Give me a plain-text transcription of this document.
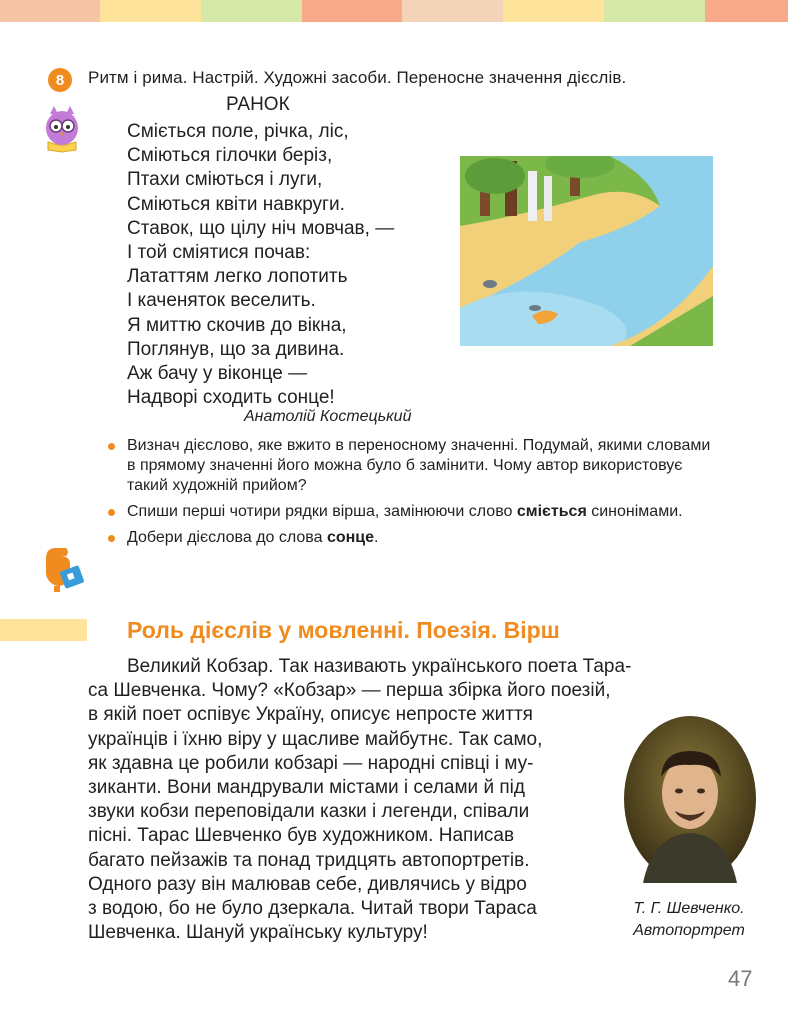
8	Ритм і рима. Настрій. Художні засоби. Переносне значення дієслів.
РАНОК
Сміється поле, річка, ліс,
Сміються гілочки беріз,
Птахи сміються і луги,
Сміються квіти навкруги.
Ставок, що цілу ніч мовчав, —
І той сміятися почав:
Лататтям легко лопотить
І каченяток веселить.
Я миттю скочив до вікна,
Поглянув, що за дивина.
Аж бачу у віконце —
Надворі сходить сонце!
Анатолій Костецький
Визнач дієслово, яке вжито в переносному значенні. Подумай, якими словами в прямому значенні його можна було б замінити. Чому автор використовує такий художній прийом?
Спиши перші чотири рядки вірша, замінюючи слово сміється синонімами.
Добери дієслова до слова сонце.
Роль дієслів у мовленні. Поезія. Вірш
Великий Кобзар. Так називають українського поета Тара-
са Шевченка. Чому? «Кобзар» — перша збірка його поезій,
в якій поет оспівує Україну, описує непросте життя
українців і їхню віру у щасливе майбутнє. Так само,
як здавна це робили кобзарі — народні співці і му-
зиканти. Вони мандрували містами і селами й під
звуки кобзи переповідали казки і легенди, співали
пісні. Тарас Шевченко був художником. Написав
багато пейзажів та понад тридцять автопортретів.
Одного разу він малював себе, дивлячись у відро
з водою, бо не було дзеркала. Читай твори Тараса
Шевченка. Шануй українську культуру!
Т. Г. Шевченко.
Автопортрет
47
